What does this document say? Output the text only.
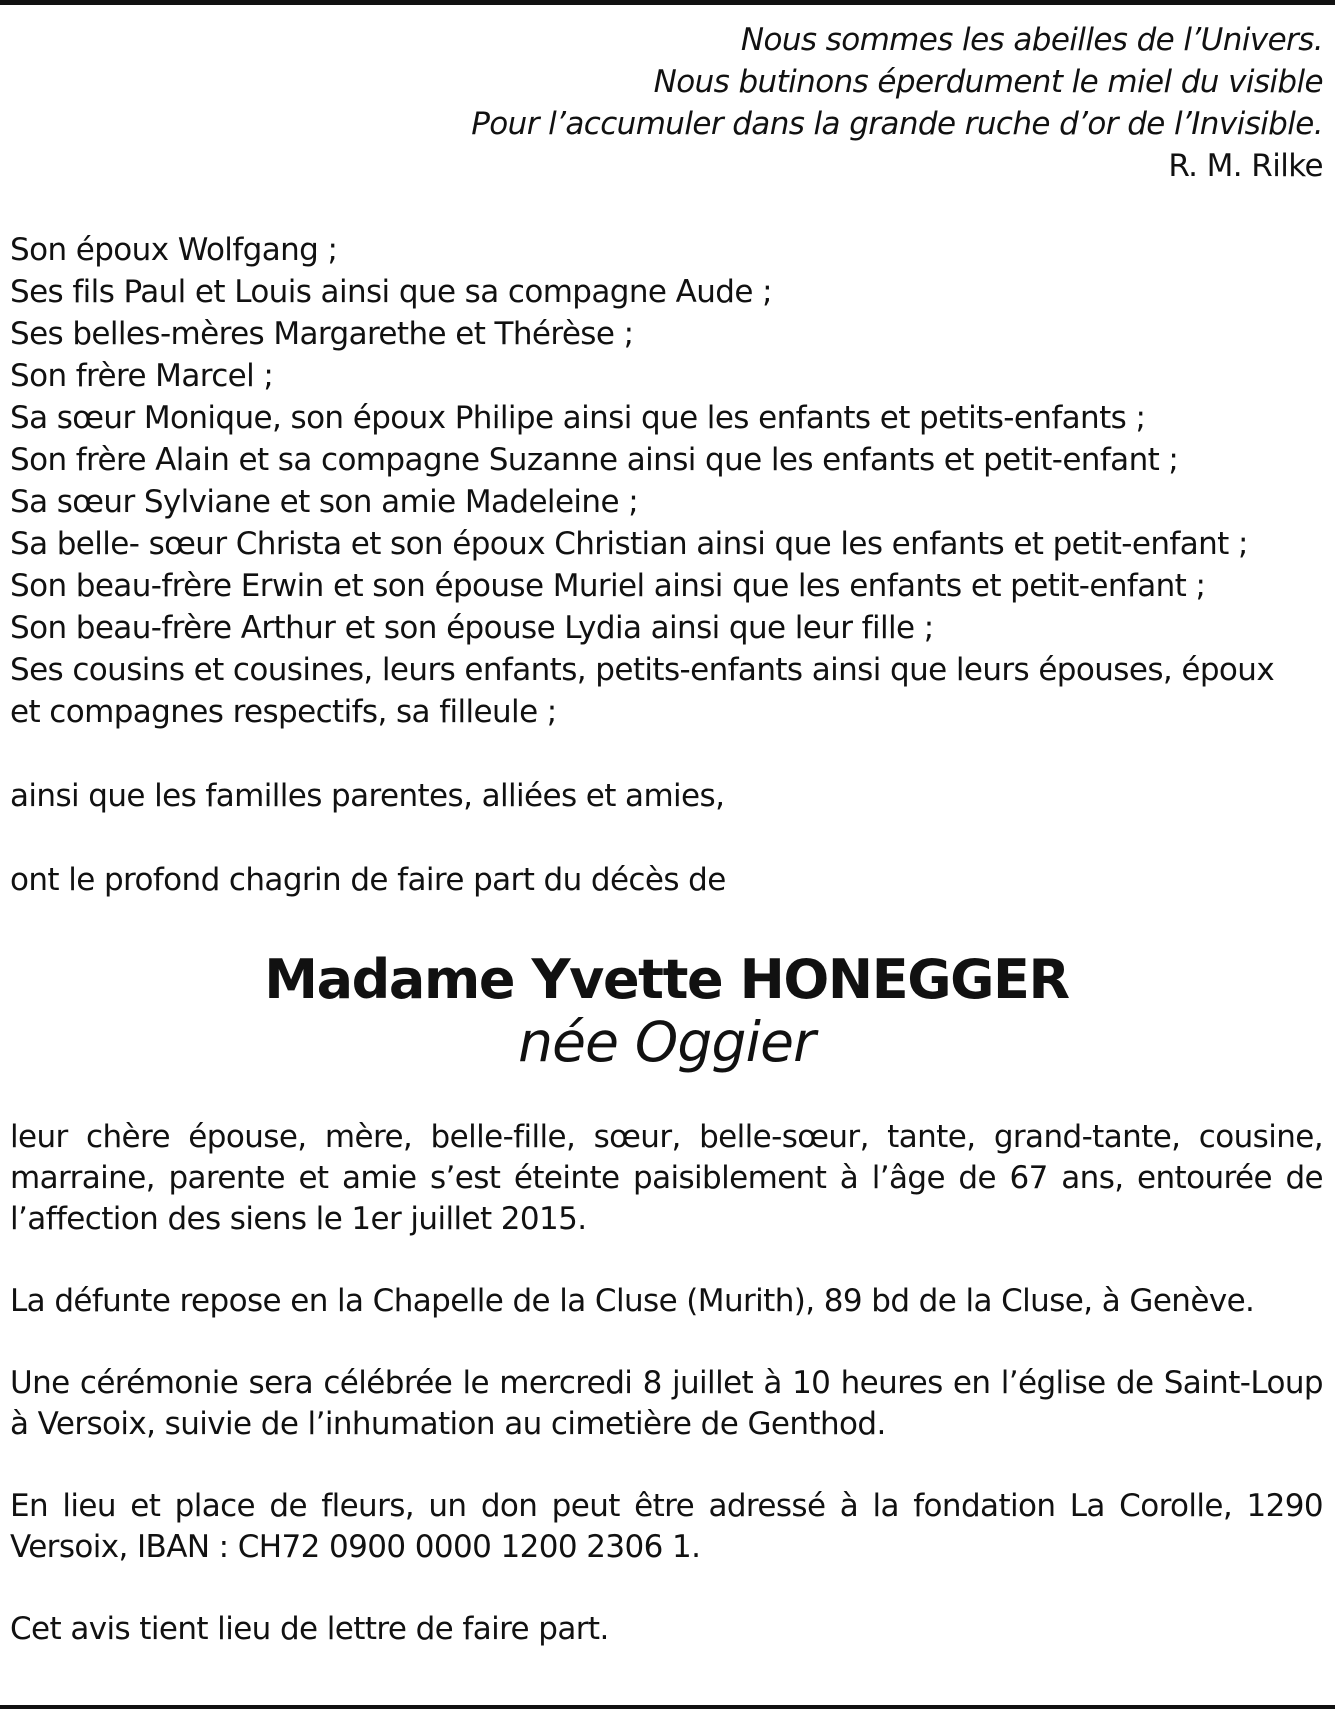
Nous sommes les abeilles de l’Univers.
Nous butinons éperdument le miel du visible
Pour l’accumuler dans la grande ruche d’or de l’Invisible.
R. M. Rilke
Son époux Wolfgang ;
Ses fils Paul et Louis ainsi que sa compagne Aude ;
Ses belles-mères Margarethe et Thérèse ;
Son frère Marcel ;
Sa sœur Monique, son époux Philipe ainsi que les enfants et petits-enfants ;
Son frère Alain et sa compagne Suzanne ainsi que les enfants et petit-enfant ;
Sa sœur Sylviane et son amie Madeleine ;
Sa belle- sœur Christa et son époux Christian ainsi que les enfants et petit-enfant ;
Son beau-frère Erwin et son épouse Muriel ainsi que les enfants et petit-enfant ;
Son beau-frère Arthur et son épouse Lydia ainsi que leur fille ;
Ses cousins et cousines, leurs enfants, petits-enfants ainsi que leurs épouses, époux
et compagnes respectifs, sa filleule ;
ainsi que les familles parentes, alliées et amies,
ont le profond chagrin de faire part du décès de
Madame Yvette HONEGGER
née Oggier

leur chère épouse, mère, belle-fille, sœur, belle-sœur, tante, grand-tante, cousine, marraine, parente et amie s’est éteinte paisiblement à l’âge de 67 ans, entourée de l’affection des siens le 1er juillet 2015.

La défunte repose en la Chapelle de la Cluse (Murith), 89 bd de la Cluse, à Genève.

Une cérémonie sera célébrée le mercredi 8 juillet à 10 heures en l’église de Saint-Loup à Versoix, suivie de l’inhumation au cimetière de Genthod.

En lieu et place de fleurs, un don peut être adressé à la fondation La Corolle, 1290 Versoix, IBAN : CH72 0900 0000 1200 2306 1.

Cet avis tient lieu de lettre de faire part.
